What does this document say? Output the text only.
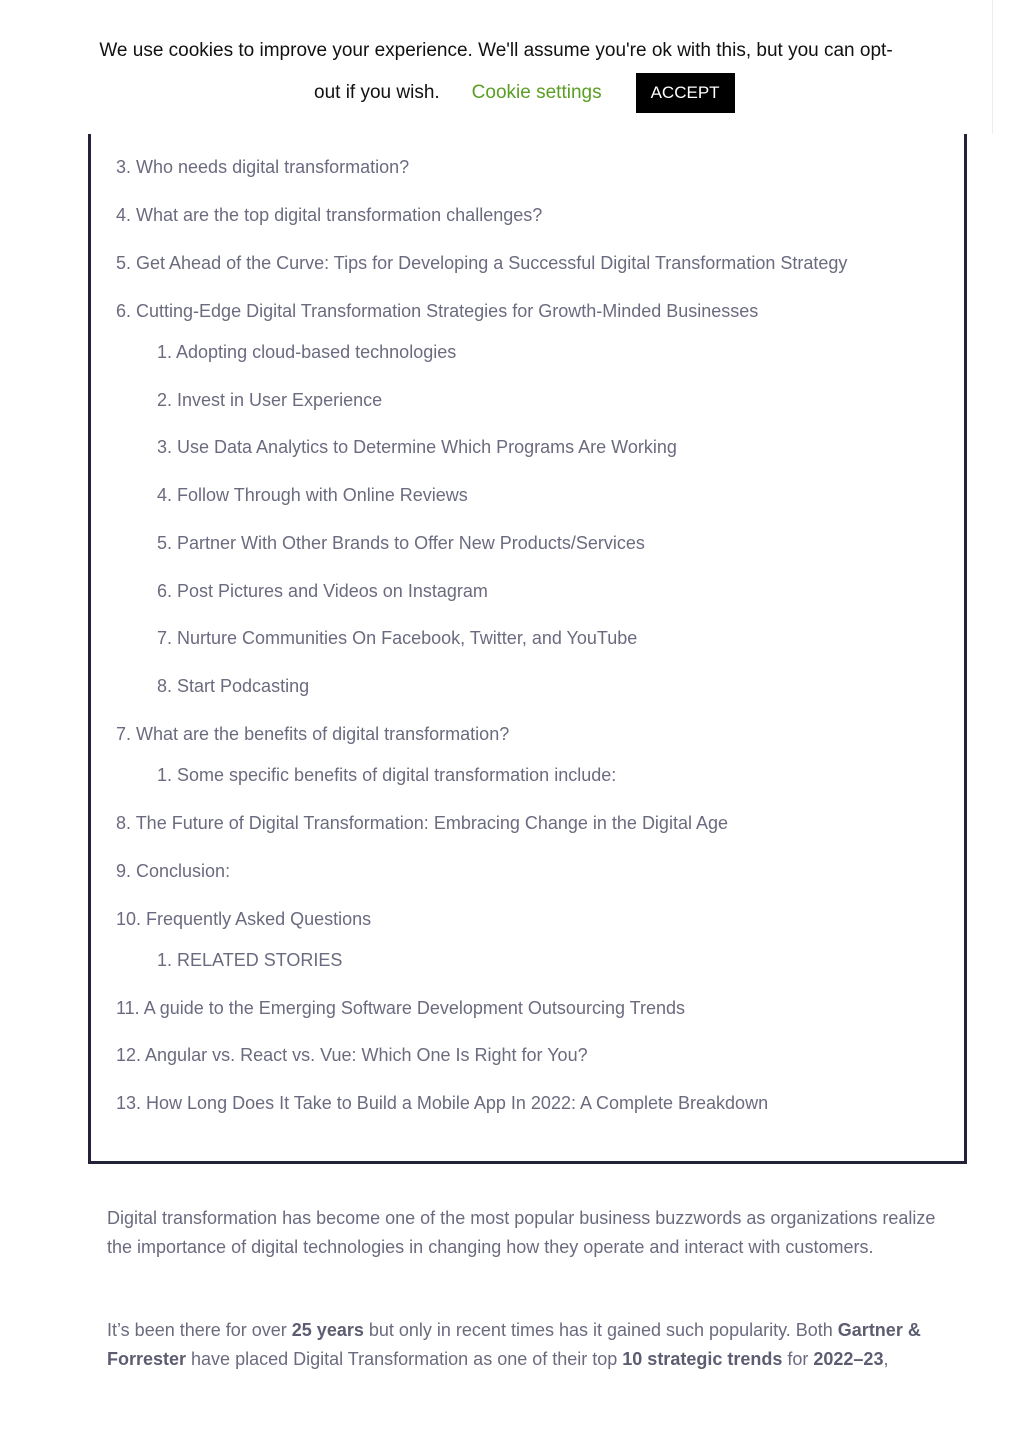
3. Who needs digital transformation?
4. What are the top digital transformation challenges?
5. Get Ahead of the Curve: Tips for Developing a Successful Digital Transformation Strategy
6. Cutting-Edge Digital Transformation Strategies for Growth-Minded Businesses
1. Adopting cloud-based technologies
2. Invest in User Experience
3. Use Data Analytics to Determine Which Programs Are Working
4. Follow Through with Online Reviews
5. Partner With Other Brands to Offer New Products/Services
6. Post Pictures and Videos on Instagram
7. Nurture Communities On Facebook, Twitter, and YouTube
8. Start Podcasting
7. What are the benefits of digital transformation?
1. Some specific benefits of digital transformation include:
8. The Future of Digital Transformation: Embracing Change in the Digital Age
9. Conclusion:
10. Frequently Asked Questions
1. RELATED STORIES
11. A guide to the Emerging Software Development Outsourcing Trends
12. Angular vs. React vs. Vue: Which One Is Right for You?
13. How Long Does It Take to Build a Mobile App In 2022: A Complete Breakdown

Digital transformation has become one of the most popular business buzzwords as organizations realize the importance of digital technologies in changing how they operate and interact with customers.

It’s been there for over 25 years but only in recent times has it gained such popularity. Both Gartner & Forrester have placed Digital Transformation as one of their top 10 strategic trends for 2022–23,

We use cookies to improve your experience. We'll assume you're ok with this, but you can opt-
out if you wish. Cookie settings	ACCEPT
